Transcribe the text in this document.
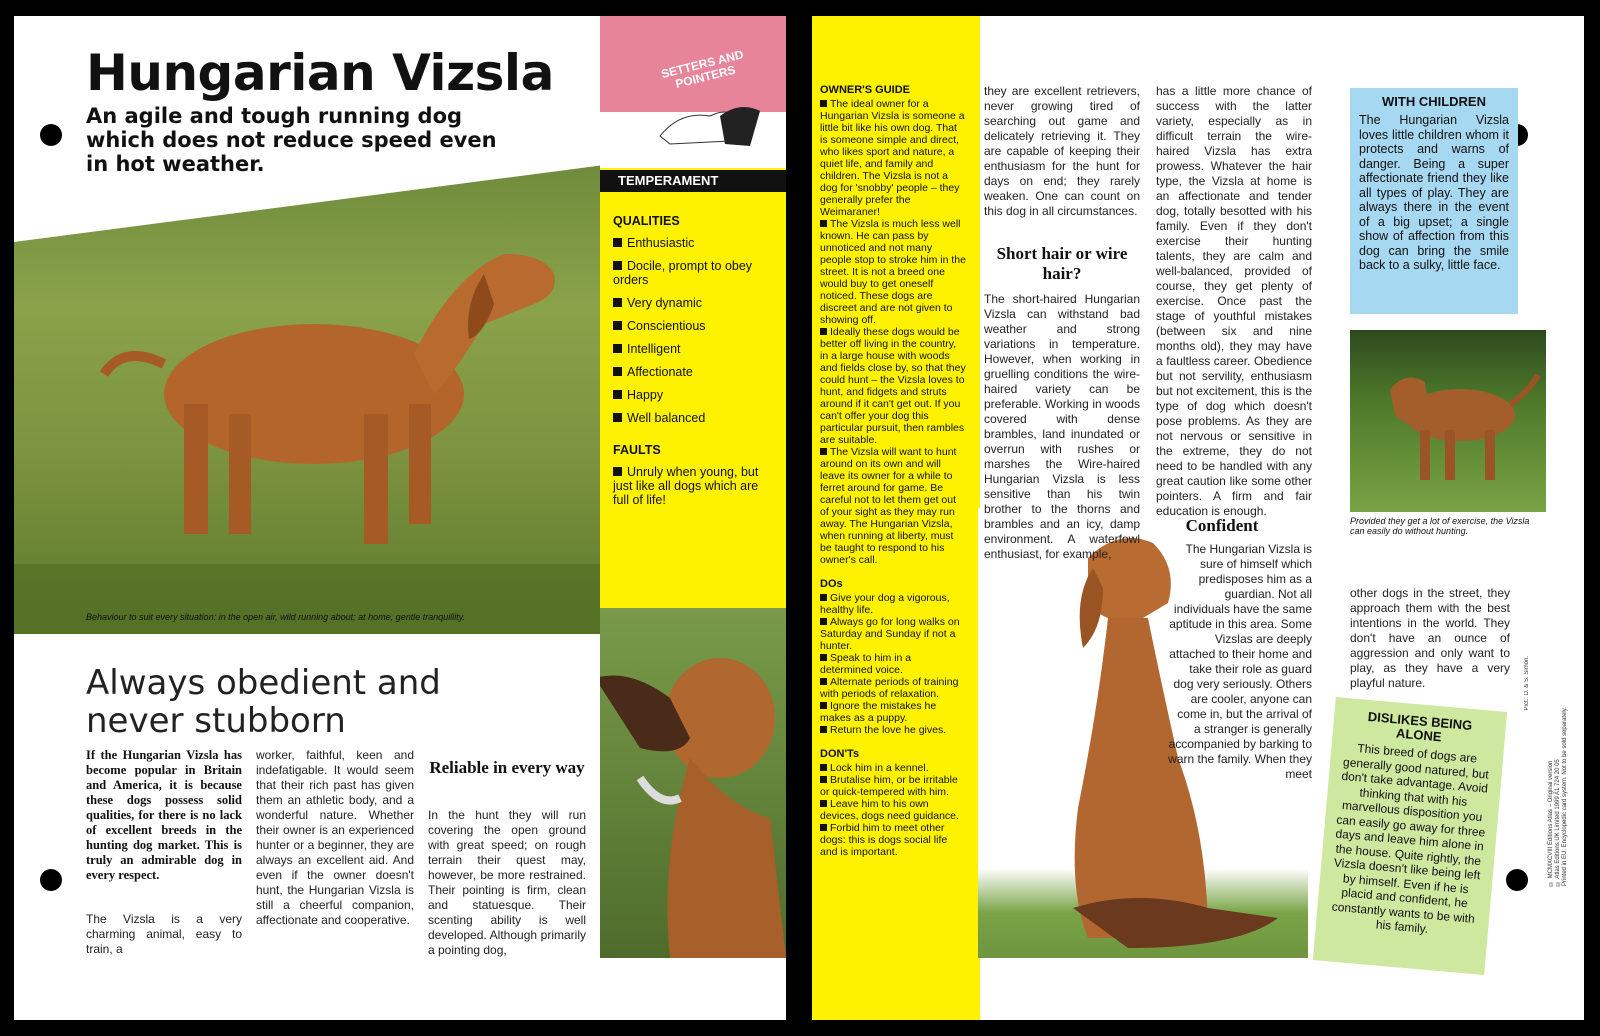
Hungarian Vizsla
An agile and tough running dog which does not reduce speed even in hot weather.
Behaviour to suit every situation: in the open air, wild running about; at home, gentle tranquillity.
SETTERS AND POINTERS
TEMPERAMENT
QUALITIES
Enthusiastic
Docile, prompt to obey orders
Very dynamic
Conscientious
Intelligent
Affectionate
Happy
Well balanced
FAULTS
Unruly when young, but just like all dogs which are full of life!
Always obedient and never stubborn
If the Hungarian Vizsla has become popular in Britain and America, it is because these dogs possess solid qualities, for there is no lack of excellent breeds in the hunting dog market. This is truly an admirable dog in every respect.
The Vizsla is a very charming animal, easy to train, a
worker, faithful, keen and indefatigable. It would seem that their rich past has given them an athletic body, and a wonderful nature. Whether their owner is an experienced hunter or a beginner, they are always an excellent aid. And even if the owner doesn't hunt, the Hungarian Vizsla is still a cheerful companion, affectionate and cooperative.
Reliable in every way
In the hunt they will run covering the open ground with great speed; on rough terrain their quest may, however, be more restrained. Their pointing is firm, clean and statuesque. Their scenting ability is well developed. Although primarily a pointing dog,
OWNER'S GUIDE
The ideal owner for a Hungarian Vizsla is someone a little bit like his own dog. That is someone simple and direct, who likes sport and nature, a quiet life, and family and children. The Vizsla is not a dog for 'snobby' people – they generally prefer the Weimaraner!
The Vizsla is much less well known. He can pass by unnoticed and not many people stop to stroke him in the street. It is not a breed one would buy to get oneself noticed. These dogs are discreet and are not given to showing off.
Ideally these dogs would be better off living in the country, in a large house with woods and fields close by, so that they could hunt – the Vizsla loves to hunt, and fidgets and struts around if it can't get out. If you can't offer your dog this particular pursuit, then rambles are suitable.
The Vizsla will want to hunt around on its own and will leave its owner for a while to ferret around for game. Be careful not to let them get out of your sight as they may run away. The Hungarian Vizsla, when running at liberty, must be taught to respond to his owner's call.
DOs
Give your dog a vigorous, healthy life.
Always go for long walks on Saturday and Sunday if not a hunter.
Speak to him in a determined voice.
Alternate periods of training with periods of relaxation.
Ignore the mistakes he makes as a puppy.
Return the love he gives.
DON'Ts
Lock him in a kennel.
Brutalise him, or be irritable or quick-tempered with him.
Leave him to his own devices, dogs need guidance.
Forbid him to meet other dogs: this is dogs social life and is important.
they are excellent retrievers, never growing tired of searching out game and delicately retrieving it. They are capable of keeping their enthusiasm for the hunt for days on end; they rarely weaken. One can count on this dog in all circumstances.
Short hair or wire hair?
The short-haired Hungarian Vizsla can withstand bad weather and strong variations in temperature. However, when working in gruelling conditions the wire-haired variety can be preferable. Working in woods covered with dense brambles, land inundated or overrun with rushes or marshes the Wire-haired Hungarian Vizsla is less sensitive than his twin brother to the thorns and brambles and an icy, damp environment. A waterfowl enthusiast, for example,
has a little more chance of success with the latter variety, especially as in difficult terrain the wire-haired Vizsla has extra prowess. Whatever the hair type, the Vizsla at home is an affectionate and tender dog, totally besotted with his family. Even if they don't exercise their hunting talents, they are calm and well-balanced, provided of course, they get plenty of exercise. Once past the stage of youthful mistakes (between six and nine months old), they may have a faultless career. Obedience but not servility, enthusiasm but not excitement, this is the type of dog which doesn't pose problems. As they are not nervous or sensitive in the extreme, they do not need to be handled with any great caution like some other pointers. A firm and fair education is enough.
Confident
The Hungarian Vizsla is sure of himself which predisposes him as a guardian. Not all individuals have the same aptitude in this area. Some Vizslas are deeply attached to their home and take their role as guard dog very seriously. Others are cooler, anyone can come in, but the arrival of a stranger is generally accompanied by barking to warn the family. When they meet
WITH CHILDREN
The Hungarian Vizsla loves little children whom it protects and warns of danger. Being a super affectionate friend they like all types of play. They are always there in the event of a big upset; a single show of affection from this dog can bring the smile back to a sulky, little face.
Provided they get a lot of exercise, the Vizsla can easily do without hunting.
other dogs in the street, they approach them with the best intentions in the world. They don't have an ounce of aggression and only want to play, as they have a very playful nature.
DISLIKES BEING ALONE
This breed of dogs are generally good natured, but don't take advantage. Avoid thinking that with his marvellous disposition you can easily go away for three days and leave him alone in the house. Quite rightly, the Vizsla doesn't like being left by himself. Even if he is placid and confident, he constantly wants to be with his family.
Pict.: D. & S. Simon.
© MCMXCVIII Éditions Atlas – Original version
© Atlas Editions UK Limited 1999 A1 724 20 05
Printed in EU. Encyclopedic card system. Not to be sold separately.
